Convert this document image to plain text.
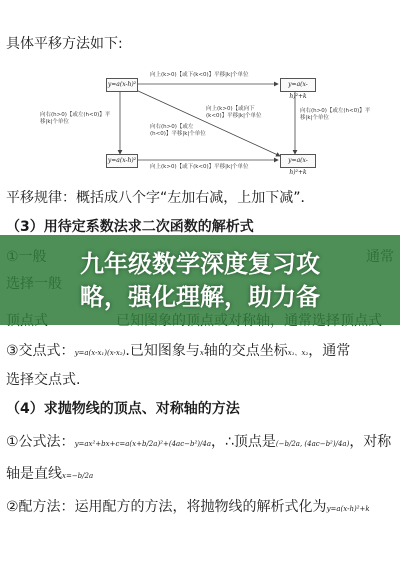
具体平移方法如下:
y=a(x-h)²	y=a(x-h)²+k
y=a(x-h)²	y=a(x-h)²+k
向上(k>0)【或下(k<0)】平移|k|个单位
向右(h>0)【或左(h<0)】平移|k|个单位
向右(h>0)【或左(h<0)】平移|k|个单位
向上(k>0)【或向下(k<0)】平移|k|个单位
向右(h>0)【或左(h<0)】平移|k|个单位
向上(k>0)【或下(k<0)】平移|k|个单位
平移规律：概括成八个字“左加右减，上加下减”．
（3）用待定系数法求二次函数的解析式
九年级数学深度复习攻
略，强化理解，助力备
③交点式：y=a(x-x₁)(x-x₂).已知图象与x轴的交点坐标x₁、x₂，通常
选择交点式.
（4）求抛物线的顶点、对称轴的方法
①公式法：y=ax²+bx+c=a(x+b/2a)²+(4ac−b²)/4a，∴顶点是(−b/2a, (4ac−b²)/4a)，对称
轴是直线x=−b/2a
②配方法：运用配方的方法，将抛物线的解析式化为y=a(x-h)²+k
